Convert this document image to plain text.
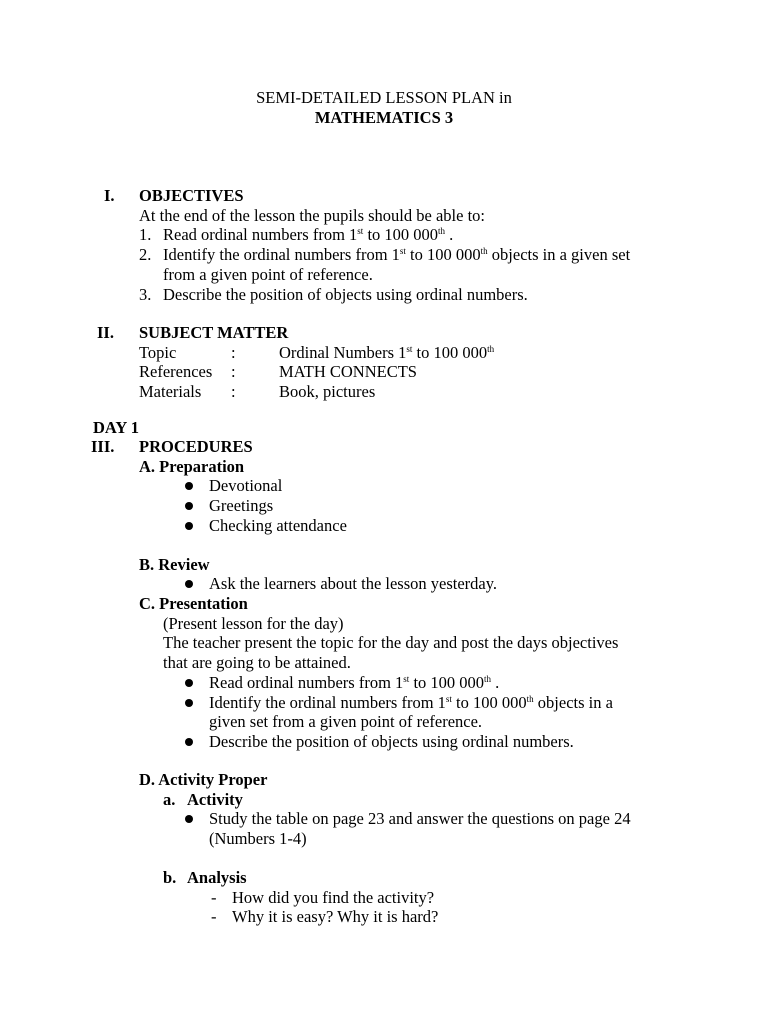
SEMI-DETAILED LESSON PLAN in
MATHEMATICS 3
I. OBJECTIVES
At the end of the lesson the pupils should be able to:
1. Read ordinal numbers from 1st to 100 000th .
2. Identify the ordinal numbers from 1st to 100 000th objects in a given set
from a given point of reference.
3. Describe the position of objects using ordinal numbers.
II. SUBJECT MATTER
Topic	:	Ordinal Numbers 1st to 100 000th
References :	MATH CONNECTS
Materials :	Book, pictures
DAY 1
III. PROCEDURES
A. Preparation
Devotional
Greetings
Checking attendance
B. Review
Ask the learners about the lesson yesterday.
C. Presentation
(Present lesson for the day)
The teacher present the topic for the day and post the days objectives
that are going to be attained.
Read ordinal numbers from 1st to 100 000th .
Identify the ordinal numbers from 1st to 100 000th objects in a
given set from a given point of reference.
Describe the position of objects using ordinal numbers.
D. Activity Proper
a. Activity
Study the table on page 23 and answer the questions on page 24
(Numbers 1-4)
b. Analysis
- How did you find the activity?
- Why it is easy? Why it is hard?
